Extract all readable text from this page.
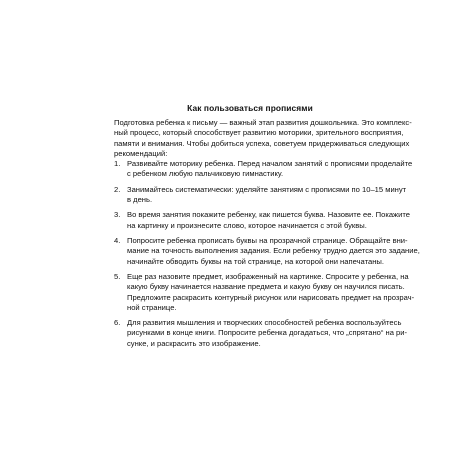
Как пользоваться прописями

Подготовка ребенка к письму — важный этап развития дошкольника. Это комплекс-
ный процесс, который способствует развитию моторики, зрительного восприятия,
памяти и внимания. Чтобы добиться успеха, советуем придерживаться следующих
рекомендаций:

1. Развивайте моторику ребенка. Перед началом занятий с прописями проделайте
с ребенком любую пальчиковую гимнастику.
2. Занимайтесь систематически: уделяйте занятиям с прописями по 10–15 минут
в день.
3. Во время занятия покажите ребенку, как пишется буква. Назовите ее. Покажите
на картинку и произнесите слово, которое начинается с этой буквы.
4. Попросите ребенка прописать буквы на прозрачной странице. Обращайте вни-
мание на точность выполнения задания. Если ребенку трудно дается это задание,
начинайте обводить буквы на той странице, на которой они напечатаны.
5. Еще раз назовите предмет, изображенный на картинке. Спросите у ребенка, на
какую букву начинается название предмета и какую букву он научился писать.
Предложите раскрасить контурный рисунок или нарисовать предмет на прозрач-
ной странице.
6. Для развития мышления и творческих способностей ребенка воспользуйтесь
рисунками в конце книги. Попросите ребенка догадаться, что „спрятано“ на ри-
сунке, и раскрасить это изображение.
